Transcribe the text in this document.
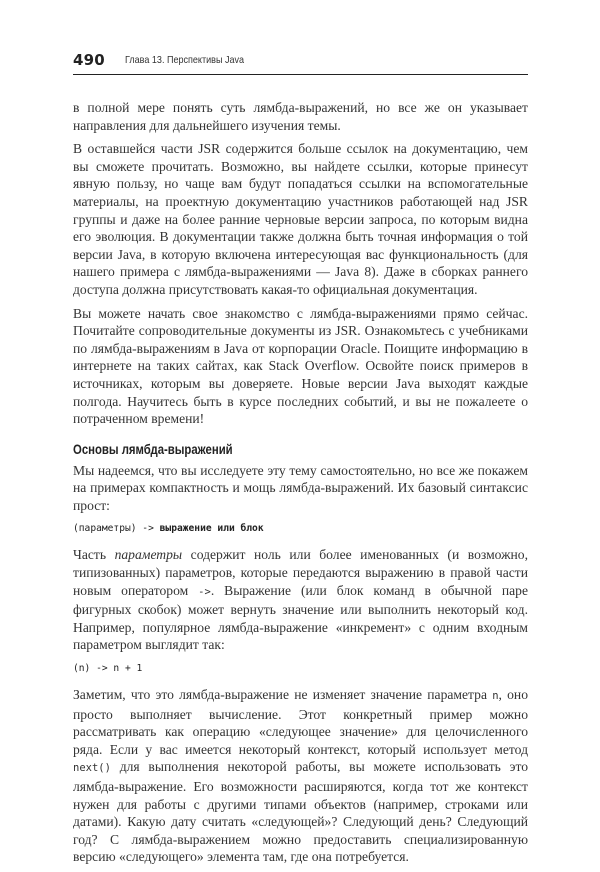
490 Глава 13. Перспективы Java

в полной мере понять суть лямбда-выражений, но все же он указывает направления для дальнейшего изучения темы.

В оставшейся части JSR содержится больше ссылок на документацию, чем вы сможете прочитать. Возможно, вы найдете ссылки, которые принесут явную пользу, но чаще вам будут попадаться ссылки на вспомогательные материалы, на проектную документацию участников работающей над JSR группы и даже на более ранние черновые версии запроса, по которым видна его эволюция. В документации также должна быть точная информация о той версии Java, в которую включена интересующая вас функциональность (для нашего примера с лямбда-выражениями — Java 8). Даже в сборках раннего доступа должна присутствовать какая-то официальная документация.

Вы можете начать свое знакомство с лямбда-выражениями прямо сейчас. Почитайте сопроводительные документы из JSR. Ознакомьтесь с учебниками по лямбда-выражениям в Java от корпорации Oracle. Поищите информацию в интернете на таких сайтах, как Stack Overflow. Освойте поиск примеров в источниках, которым вы доверяете. Новые версии Java выходят каждые полгода. Научитесь быть в курсе последних событий, и вы не пожалеете о потраченном времени!

Основы лямбда-выражений

Мы надеемся, что вы исследуете эту тему самостоятельно, но все же покажем на примерах компактность и мощь лямбда-выражений. Их базовый синтаксис прост:

(параметры) -> выражение или блок

Часть параметры содержит ноль или более именованных (и возможно, типизованных) параметров, которые передаются выражению в правой части новым оператором ->. Выражение (или блок команд в обычной паре фигурных скобок) может вернуть значение или выполнить некоторый код. Например, популярное лямбда-выражение «инкремент» с одним входным параметром выглядит так:

(n) -> n + 1

Заметим, что это лямбда-выражение не изменяет значение параметра n, оно просто выполняет вычисление. Этот конкретный пример можно рассматривать как операцию «следующее значение» для целочисленного ряда. Если у вас имеется некоторый контекст, который использует метод next() для выполнения некоторой работы, вы можете использовать это лямбда-выражение. Его возможности расширяются, когда тот же контекст нужен для работы с другими типами объектов (например, строками или датами). Какую дату считать «следующей»? Следующий день? Следующий год? С лямбда-выражением можно предоставить специализированную версию «следующего» элемента там, где она потребуется.
